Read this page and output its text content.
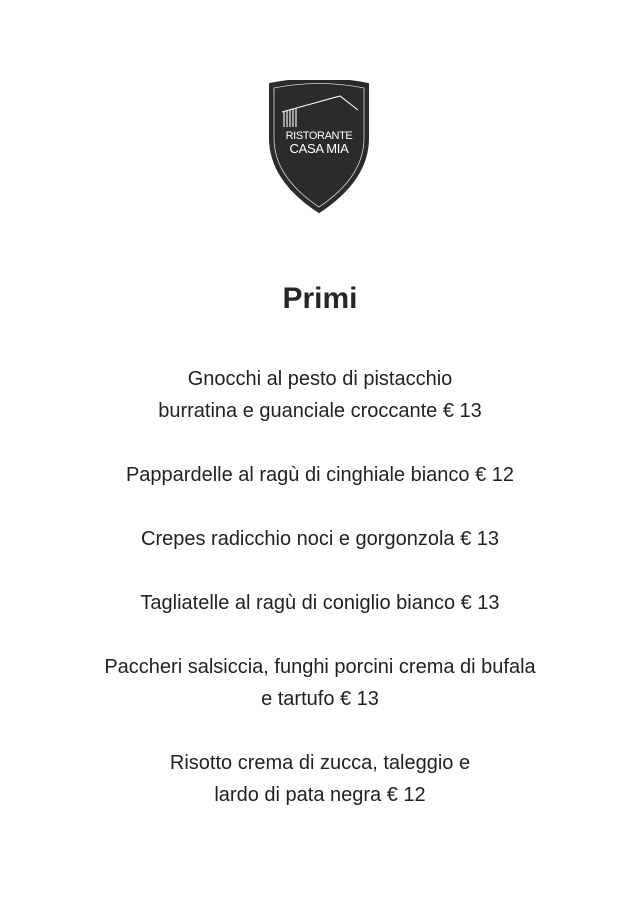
RISTORANTE
CASA MIA
Primi
Gnocchi al pesto di pistacchio
burratina e guanciale croccante € 13
Pappardelle al ragù di cinghiale bianco € 12
Crepes radicchio noci e gorgonzola € 13
Tagliatelle al ragù di coniglio bianco € 13
Paccheri salsiccia, funghi porcini crema di bufala
e tartufo € 13
Risotto crema di zucca, taleggio e
lardo di pata negra € 12
